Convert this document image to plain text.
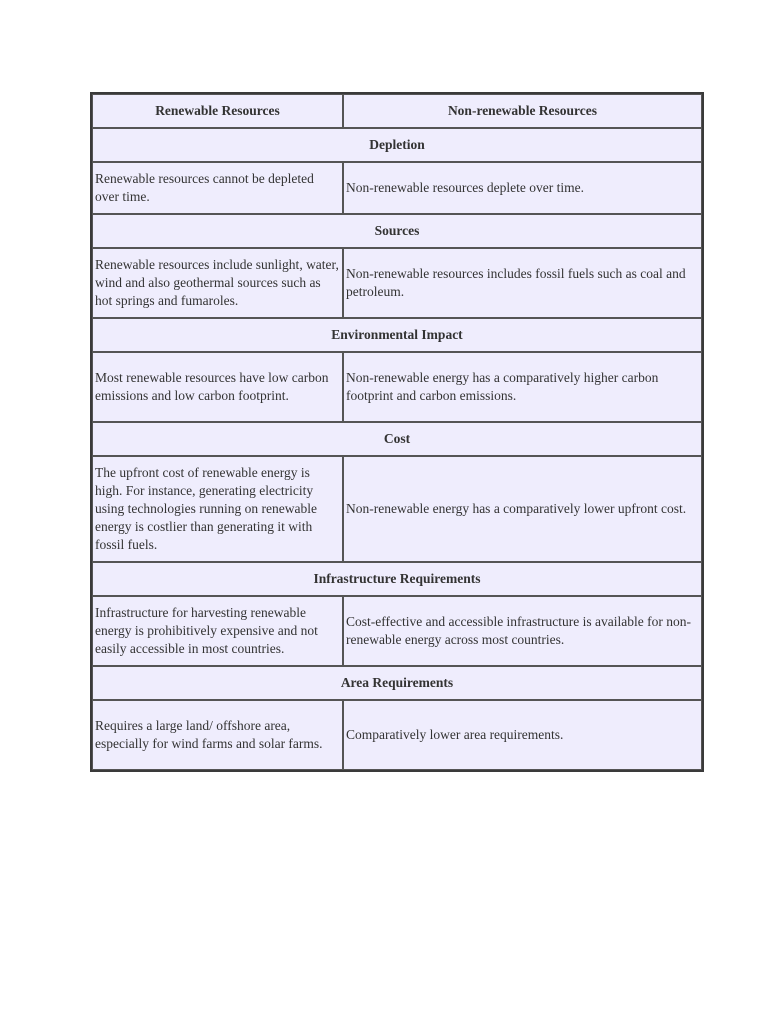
Renewable Resources	Non-renewable Resources
Depletion	
Renewable resources cannot be depleted over time.	Non-renewable resources deplete over time.
Sources	
Renewable resources include sunlight, water, wind and also geothermal sources such as hot springs and fumaroles.	Non-renewable resources includes fossil fuels such as coal and petroleum.
Environmental Impact	
Most renewable resources have low carbon emissions and low carbon footprint.	Non-renewable energy has a comparatively higher carbon footprint and carbon emissions.
Cost	
The upfront cost of renewable energy is high. For instance, generating electricity using technologies running on renewable energy is costlier than generating it with fossil fuels.	Non-renewable energy has a comparatively lower upfront cost.
Infrastructure Requirements	
Infrastructure for harvesting renewable energy is prohibitively expensive and not easily accessible in most countries.	Cost-effective and accessible infrastructure is available for non-renewable energy across most countries.
Area Requirements	
Requires a large land/ offshore area, especially for wind farms and solar farms.	Comparatively lower area requirements.
